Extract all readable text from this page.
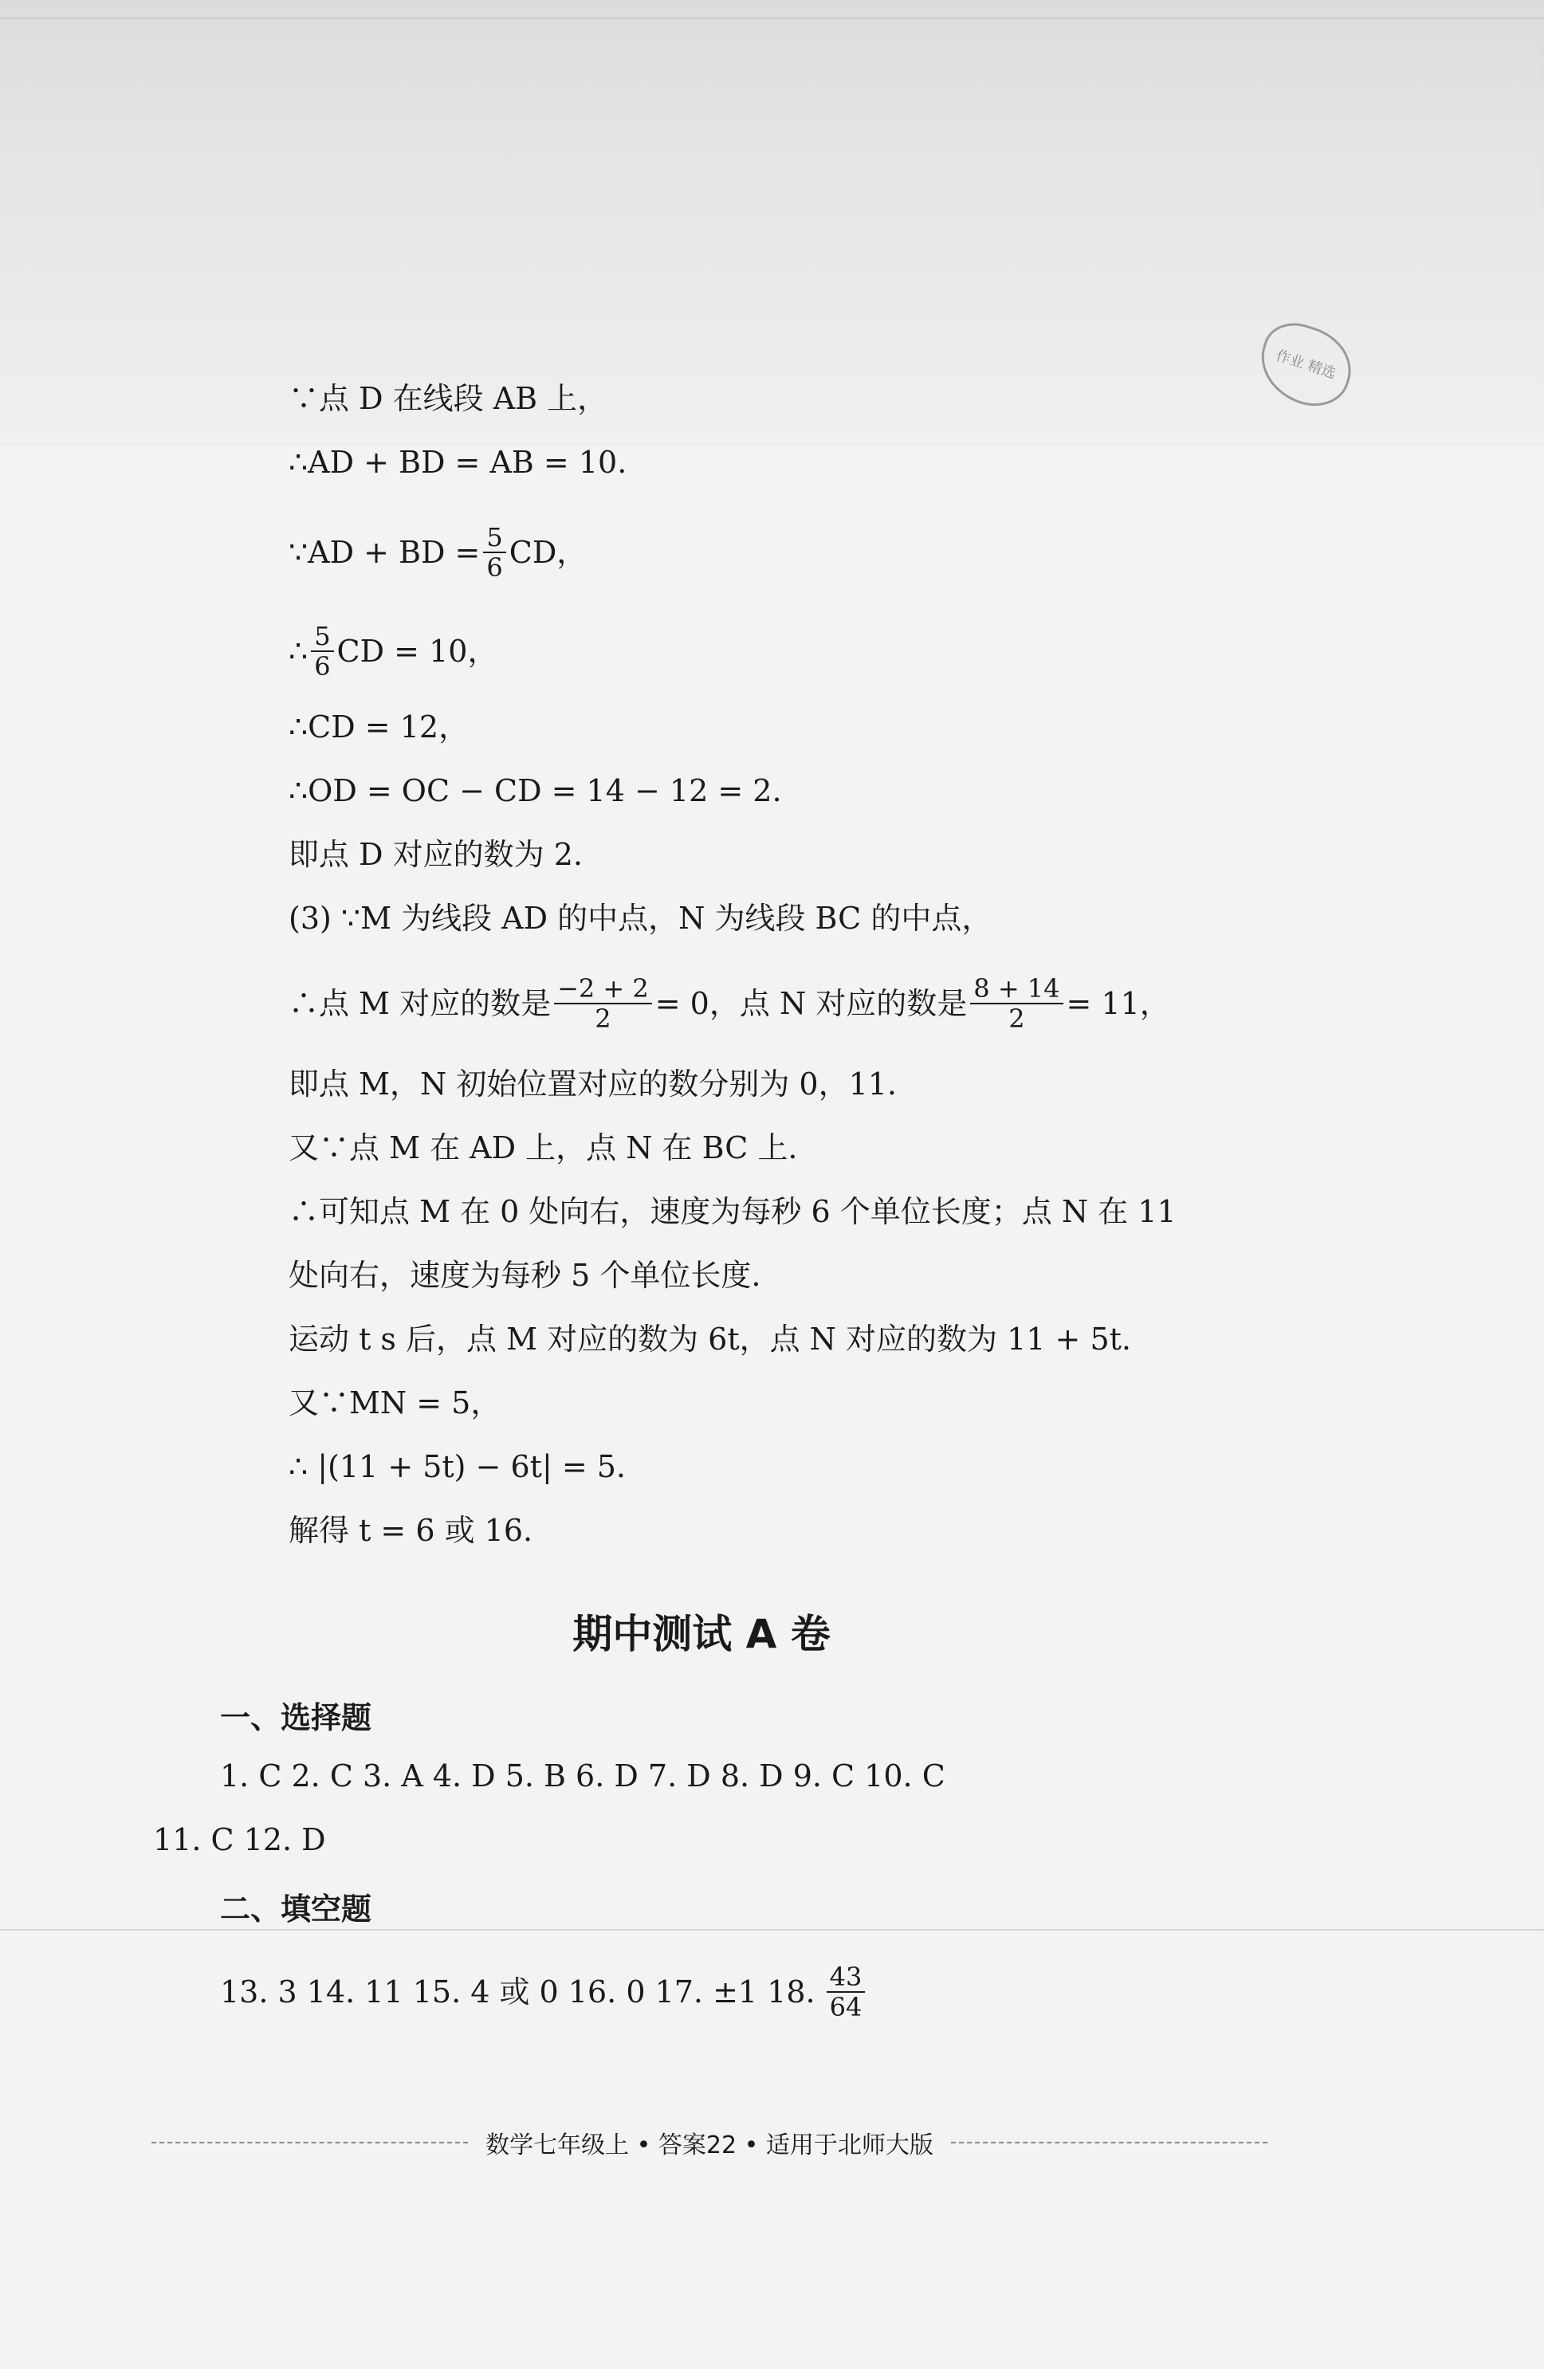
作业 精选
∵点 D 在线段 AB 上，
∴AD + BD = AB = 10.
∵AD + BD = $\frac{5}{6}$ CD，
∴ $\frac{5}{6}$ CD = 10，
∴CD = 12，
∴OD = OC − CD = 14 − 12 = 2.
即点 D 对应的数为 2.
(3) ∵M 为线段 AD 的中点，N 为线段 BC 的中点，
∴点 M 对应的数是 $\frac{-2 + 2}{2} = 0$，点 N 对应的数是 $\frac{8 + 14}{2} = 11$，
即点 M，N 初始位置对应的数分别为 0，11.
又∵点 M 在 AD 上，点 N 在 BC 上.
∴可知点 M 在 0 处向右，速度为每秒 6 个单位长度；点 N 在 11
处向右，速度为每秒 5 个单位长度.
运动 t s 后，点 M 对应的数为 6t，点 N 对应的数为 11 + 5t.
又∵MN = 5，
∴ |(11 + 5t) − 6t| = 5.
解得 t = 6 或 16.
期中测试 A 卷
一、选择题
1. C 2. C 3. A 4. D 5. B 6. D 7. D 8. D 9. C 10. C
11. C 12. D
二、填空题
13. 3 14. 11 15. 4 或 0 16. 0 17. ±1 18. $\frac{43}{64}$
数学七年级上 • 答案22 • 适用于北师大版
